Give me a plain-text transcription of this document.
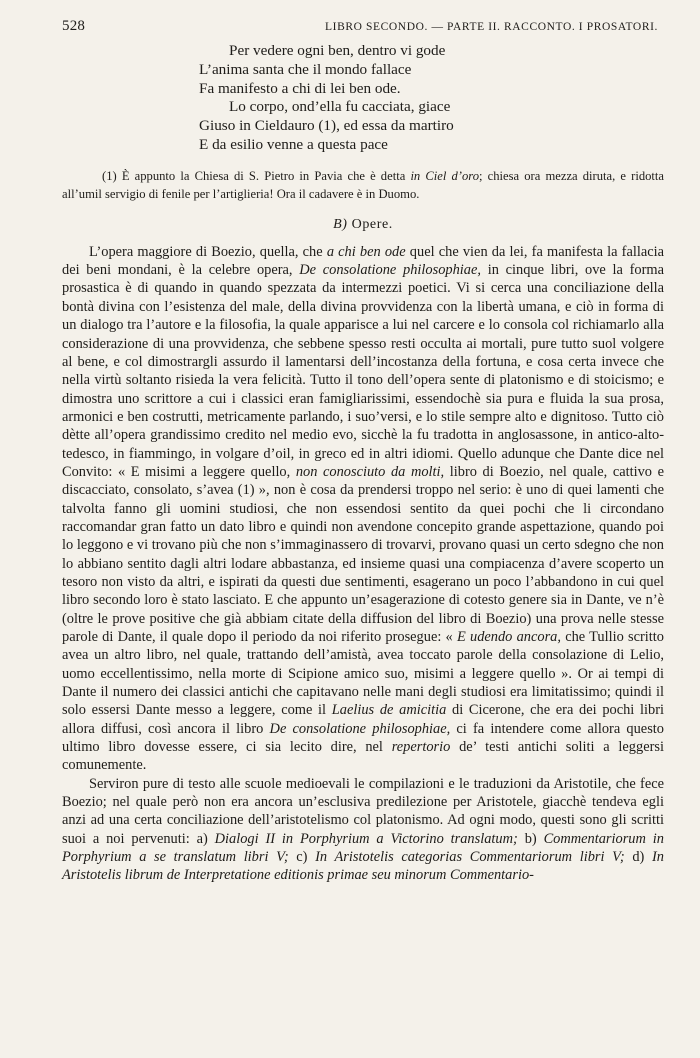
528	LIBRO SECONDO. — PARTE II. RACCONTO. I PROSATORI.
Per vedere ogni ben, dentro vi gode
L’anima santa che il mondo fallace
Fa manifesto a chi di lei ben ode.
Lo corpo, ond’ella fu cacciata, giace
Giuso in Cieldauro (1), ed essa da martiro
E da esilio venne a questa pace
(1) È appunto la Chiesa di S. Pietro in Pavia che è detta in Ciel d’oro; chiesa ora mezza diruta, e ridotta all’umil servigio di fenile per l’artiglieria! Ora il cadavere è in Duomo.
B) Opere.

L’opera maggiore di Boezio, quella, che a chi ben ode quel che vien da lei, fa manifesta la fallacia dei beni mondani, è la celebre opera, De consolatione philosophiae, in cinque libri, ove la forma prosastica è di quando in quando spezzata da intermezzi poetici. Vi si cerca una conciliazione della bontà divina con l’esistenza del male, della divina provvidenza con la libertà umana, e ciò in forma di un dialogo tra l’autore e la filosofia, la quale apparisce a lui nel carcere e lo consola col richiamarlo alla considerazione di una provvidenza, che sebbene spesso resti occulta ai mortali, pure tutto suol volgere al bene, e col dimostrargli assurdo il lamentarsi dell’incostanza della fortuna, e cosa certa invece che nella virtù soltanto risieda la vera felicità. Tutto il tono dell’opera sente di platonismo e di stoicismo; e dimostra uno scrittore a cui i classici eran famigliarissimi, essendochè sia pura e fluida la sua prosa, armonici e ben costrutti, metricamente parlando, i suo’versi, e lo stile sempre alto e dignitoso. Tutto ciò dètte all’opera grandissimo credito nel medio evo, sicchè la fu tradotta in anglosassone, in antico-alto-tedesco, in fiammingo, in volgare d’oil, in greco ed in altri idiomi. Quello adunque che Dante dice nel Convito: « E misimi a leggere quello, non conosciuto da molti, libro di Boezio, nel quale, cattivo e discacciato, consolato, s’avea (1) », non è cosa da prendersi troppo nel serio: è uno di quei lamenti che talvolta fanno gli uomini studiosi, che non essendosi sentito da quei pochi che li circondano raccomandar gran fatto un dato libro e quindi non avendone concepito grande aspettazione, quando poi lo leggono e vi trovano più che non s’immaginassero di trovarvi, provano quasi un certo sdegno che non lo abbiano sentito dagli altri lodare abbastanza, ed insieme quasi una compiacenza d’avere scoperto un tesoro non visto da altri, e ispirati da questi due sentimenti, esagerano un poco l’abbandono in cui quel libro secondo loro è stato lasciato. E che appunto un’esagerazione di cotesto genere sia in Dante, ve n’è (oltre le prove positive che già abbiam citate della diffusion del libro di Boezio) una prova nelle stesse parole di Dante, il quale dopo il periodo da noi riferito prosegue: « E udendo ancora, che Tullio scritto avea un altro libro, nel quale, trattando dell’amistà, avea toccato parole della consolazione di Lelio, uomo eccellentissimo, nella morte di Scipione amico suo, misimi a leggere quello ». Or ai tempi di Dante il numero dei classici antichi che capitavano nelle mani degli studiosi era limitatissimo; quindi il solo essersi Dante messo a leggere, come il Laelius de amicitia di Cicerone, che era dei pochi libri allora diffusi, così ancora il libro De consolatione philosophiae, ci fa intendere come allora questo ultimo libro dovesse essere, ci sia lecito dire, nel repertorio de’ testi antichi soliti a leggersi comunemente.

Serviron pure di testo alle scuole medioevali le compilazioni e le traduzioni da Aristotile, che fece Boezio; nel quale però non era ancora un’esclusiva predilezione per Aristotele, giacchè tendeva egli anzi ad una certa conciliazione dell’aristotelismo col platonismo. Ad ogni modo, questi sono gli scritti suoi a noi pervenuti: a) Dialogi II in Porphyrium a Victorino translatum; b) Commentariorum in Porphyrium a se translatum libri V; c) In Aristotelis categorias Commentariorum libri V; d) In Aristotelis librum de Interpretatione editionis primae seu minorum Commentario-
